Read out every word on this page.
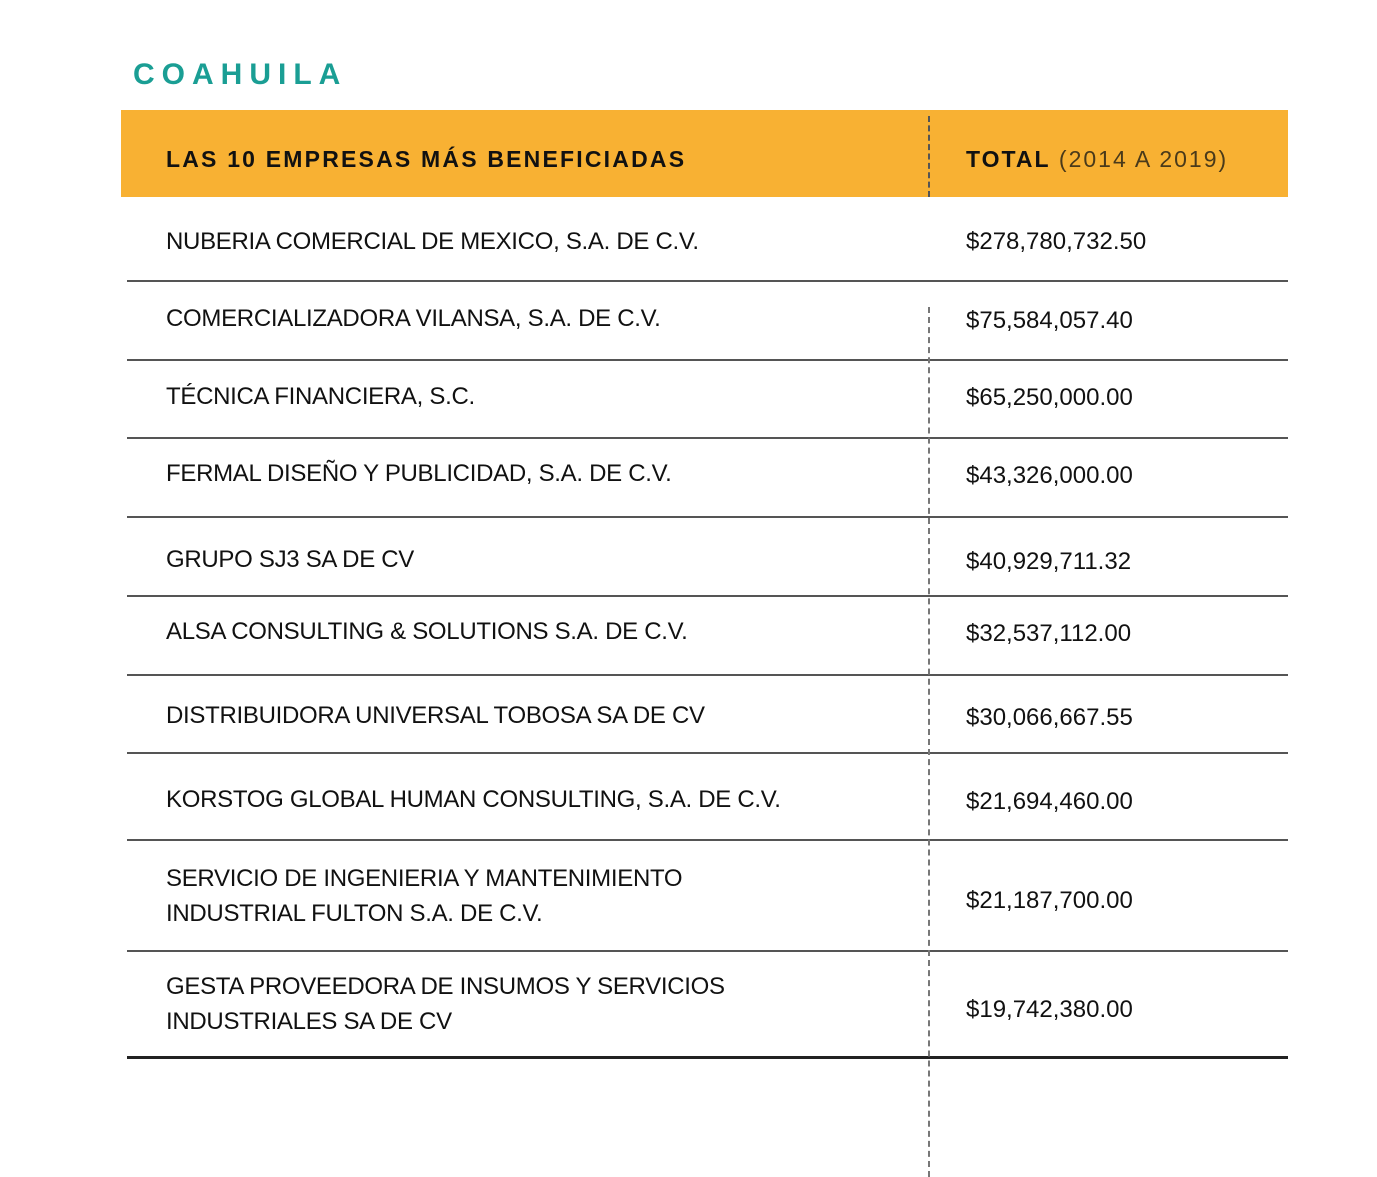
COAHUILA
LAS 10 EMPRESAS MÁS BENEFICIADAS	TOTAL (2014 A 2019)
NUBERIA COMERCIAL DE MEXICO, S.A. DE C.V.	$278,780,732.50
COMERCIALIZADORA VILANSA, S.A. DE C.V.	$75,584,057.40
TÉCNICA FINANCIERA, S.C.	$65,250,000.00
FERMAL DISEÑO Y PUBLICIDAD, S.A. DE C.V.	$43,326,000.00
GRUPO SJ3 SA DE CV	$40,929,711.32
ALSA CONSULTING & SOLUTIONS S.A. DE C.V.	$32,537,112.00
DISTRIBUIDORA UNIVERSAL TOBOSA SA DE CV	$30,066,667.55
KORSTOG GLOBAL HUMAN CONSULTING, S.A. DE C.V.	$21,694,460.00
SERVICIO DE INGENIERIA Y MANTENIMIENTO
INDUSTRIAL FULTON S.A. DE C.V.	$21,187,700.00
GESTA PROVEEDORA DE INSUMOS Y SERVICIOS
INDUSTRIALES SA DE CV	$19,742,380.00
